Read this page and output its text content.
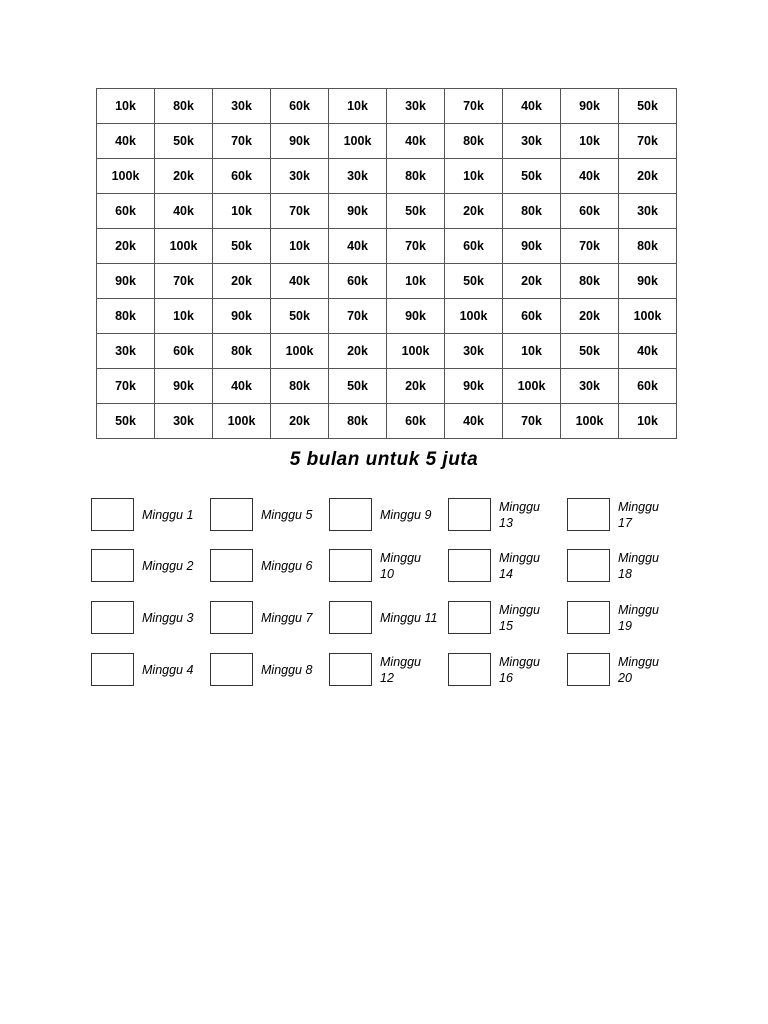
10k	80k	30k	60k	10k	30k	70k	40k	90k	50k
40k	50k	70k	90k	100k	40k	80k	30k	10k	70k
100k	20k	60k	30k	30k	80k	10k	50k	40k	20k
60k	40k	10k	70k	90k	50k	20k	80k	60k	30k
20k	100k	50k	10k	40k	70k	60k	90k	70k	80k
90k	70k	20k	40k	60k	10k	50k	20k	80k	90k
80k	10k	90k	50k	70k	90k	100k	60k	20k	100k
30k	60k	80k	100k	20k	100k	30k	10k	50k	40k
70k	90k	40k	80k	50k	20k	90k	100k	30k	60k
50k	30k	100k	20k	80k	60k	40k	70k	100k	10k
5 bulan untuk 5 juta
Minggu 1
Minggu 2
Minggu 3
Minggu 4
Minggu 5
Minggu 6
Minggu 7
Minggu 8
Minggu 9
Minggu 10
Minggu 11
Minggu 12
Minggu 13
Minggu 14
Minggu 15
Minggu 16
Minggu 17
Minggu 18
Minggu 19
Minggu 20
